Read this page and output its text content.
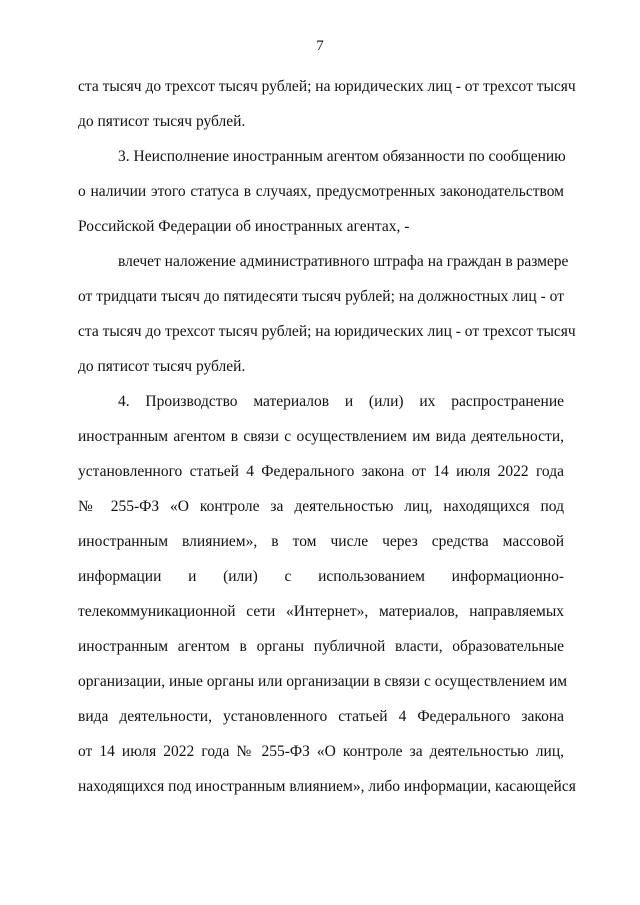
7
ста тысяч до трехсот тысяч рублей; на юридических лиц - от трехсот тысяч
до пятисот тысяч рублей.
3. Неисполнение иностранным агентом обязанности по сообщению
о наличии этого статуса в случаях, предусмотренных законодательством
Российской Федерации об иностранных агентах, -
влечет наложение административного штрафа на граждан в размере
от тридцати тысяч до пятидесяти тысяч рублей; на должностных лиц - от
ста тысяч до трехсот тысяч рублей; на юридических лиц - от трехсот тысяч
до пятисот тысяч рублей.
4. Производство материалов и (или) их распространение
иностранным агентом в связи с осуществлением им вида деятельности,
установленного статьей 4 Федерального закона от 14 июля 2022 года
№ 255-ФЗ «О контроле за деятельностью лиц, находящихся под
иностранным влиянием», в том числе через средства массовой
информации и (или) с использованием информационно-
телекоммуникационной сети «Интернет», материалов, направляемых
иностранным агентом в органы публичной власти, образовательные
организации, иные органы или организации в связи с осуществлением им
вида деятельности, установленного статьей 4 Федерального закона
от 14 июля 2022 года № 255-ФЗ «О контроле за деятельностью лиц,
находящихся под иностранным влиянием», либо информации, касающейся
